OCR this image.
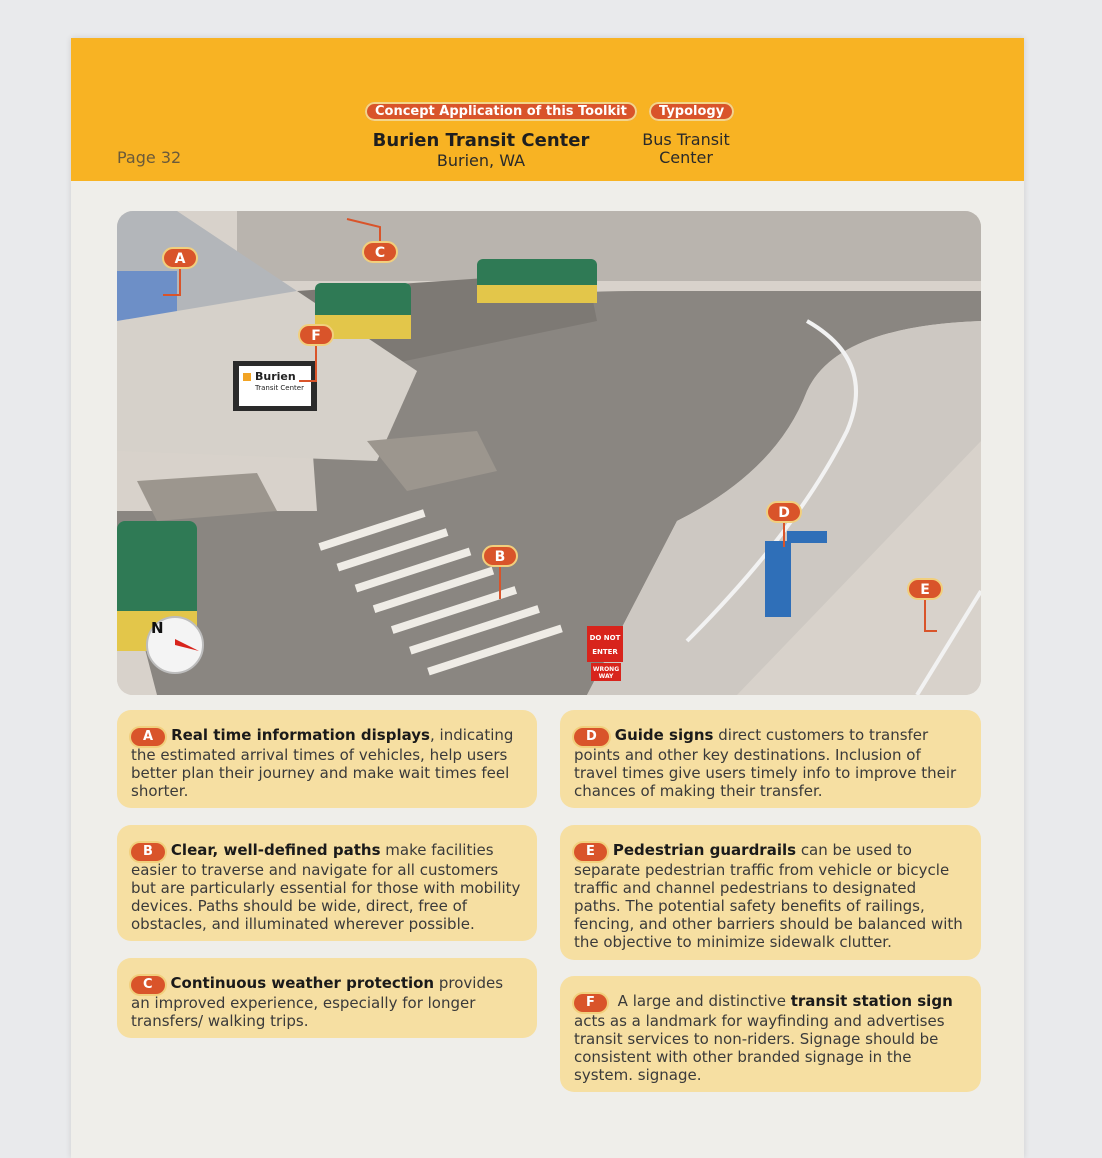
Page 32
Concept Application of this Toolkit
Burien Transit Center
Burien, WA
Typology
Bus Transit
Center
Burien
Transit Center
DO NOT
ENTER
WRONG
WAY
N
A
B
C
D
E
F
A Real time information displays, indicating the estimated arrival times of vehicles, help users better plan their journey and make wait times feel shorter.
B Clear, well-defined paths make facilities easier to traverse and navigate for all customers but are particularly essential for those with mobility devices. Paths should be wide, direct, free of obstacles, and illuminated wherever possible.
C Continuous weather protection provides an improved experience, especially for longer transfers/ walking trips.
D Guide signs direct customers to transfer points and other key destinations. Inclusion of travel times give users timely info to improve their chances of making their transfer.
E Pedestrian guardrails can be used to separate pedestrian traffic from vehicle or bicycle traffic and channel pedestrians to designated paths. The potential safety benefits of railings, fencing, and other barriers should be balanced with the objective to minimize sidewalk clutter.
F A large and distinctive transit station sign acts as a landmark for wayfinding and advertises transit services to non-riders. Signage should be consistent with other branded signage in the system. signage.
